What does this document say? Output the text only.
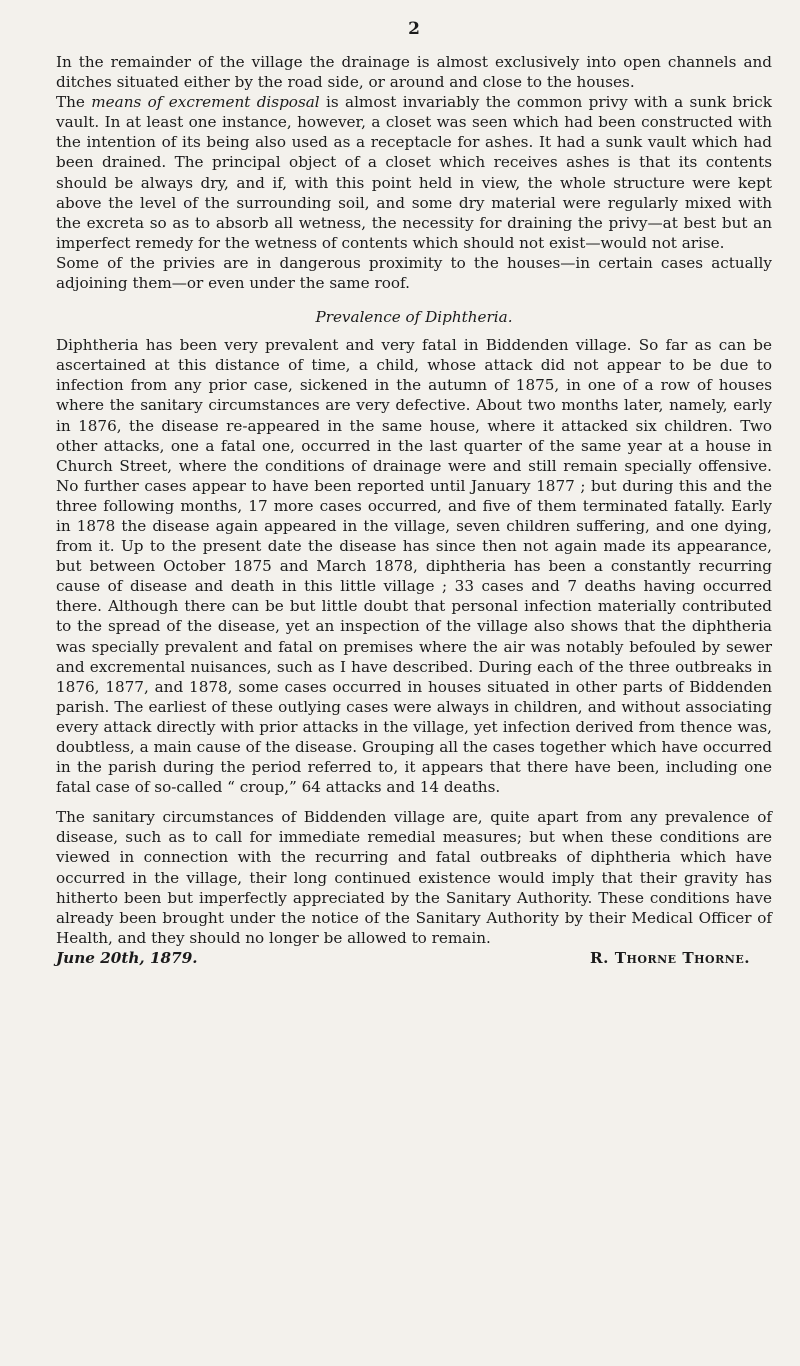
2

In the remainder of the village the drainage is almost exclusively into open channels and ditches situated either by the road side, or around and close to the houses.

The means of excrement disposal is almost invariably the common privy with a sunk brick vault. In at least one instance, however, a closet was seen which had been constructed with the intention of its being also used as a receptacle for ashes. It had a sunk vault which had been drained. The principal object of a closet which receives ashes is that its contents should be always dry, and if, with this point held in view, the whole structure were kept above the level of the surrounding soil, and some dry material were regularly mixed with the excreta so as to absorb all wetness, the necessity for draining the privy—at best but an imperfect remedy for the wetness of contents which should not exist—would not arise.

Some of the privies are in dangerous proximity to the houses—in certain cases actually adjoining them—or even under the same roof.

Prevalence of Diphtheria.

Diphtheria has been very prevalent and very fatal in Biddenden village. So far as can be ascertained at this distance of time, a child, whose attack did not appear to be due to infection from any prior case, sickened in the autumn of 1875, in one of a row of houses where the sanitary circumstances are very defective. About two months later, namely, early in 1876, the disease re-appeared in the same house, where it attacked six children. Two other attacks, one a fatal one, occurred in the last quarter of the same year at a house in Church Street, where the conditions of drainage were and still remain specially offensive. No further cases appear to have been reported until January 1877 ; but during this and the three following months, 17 more cases occurred, and five of them terminated fatally. Early in 1878 the disease again appeared in the village, seven children suffering, and one dying, from it. Up to the present date the disease has since then not again made its appearance, but between October 1875 and March 1878, diphtheria has been a constantly recurring cause of disease and death in this little village ; 33 cases and 7 deaths having occurred there. Although there can be but little doubt that personal infection materially contributed to the spread of the disease, yet an inspection of the village also shows that the diphtheria was specially prevalent and fatal on premises where the air was notably befouled by sewer and excremental nuisances, such as I have described. During each of the three outbreaks in 1876, 1877, and 1878, some cases occurred in houses situated in other parts of Biddenden parish. The earliest of these outlying cases were always in children, and without associating every attack directly with prior attacks in the village, yet infection derived from thence was, doubtless, a main cause of the disease. Grouping all the cases together which have occurred in the parish during the period referred to, it appears that there have been, including one fatal case of so-called “ croup,” 64 attacks and 14 deaths.

The sanitary circumstances of Biddenden village are, quite apart from any prevalence of disease, such as to call for immediate remedial measures; but when these conditions are viewed in connection with the recurring and fatal outbreaks of diphtheria which have occurred in the village, their long continued existence would imply that their gravity has hitherto been but imperfectly appreciated by the Sanitary Authority. These conditions have already been brought under the notice of the Sanitary Authority by their Medical Officer of Health, and they should no longer be allowed to remain.

June 20th, 1879.	R. Thorne Thorne.
